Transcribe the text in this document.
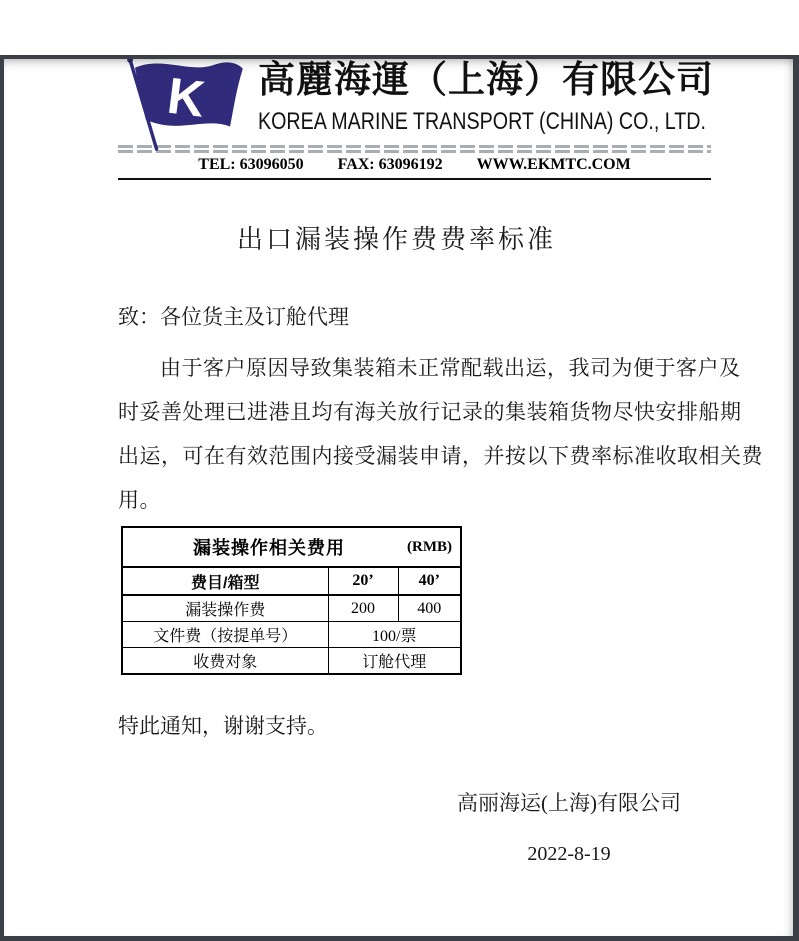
K 高麗海運（上海）有限公司
KOREA MARINE TRANSPORT (CHINA) CO., LTD.
TEL: 63096050 FAX: 63096192 WWW.EKMTC.COM
出口漏装操作费费率标准
致：各位货主及订舱代理
由于客户原因导致集装箱未正常配载出运，我司为便于客户及
时妥善处理已进港且均有海关放行记录的集装箱货物尽快安排船期
出运，可在有效范围内接受漏装申请，并按以下费率标准收取相关费
用。
漏装操作相关费用 (RMB)		

费目/箱型	20’	40’
漏装操作费	200	400
文件费（按提单号）	100/票	
收费对象	订舱代理	
特此通知，谢谢支持。
高丽海运(上海)有限公司
2022-8-19
